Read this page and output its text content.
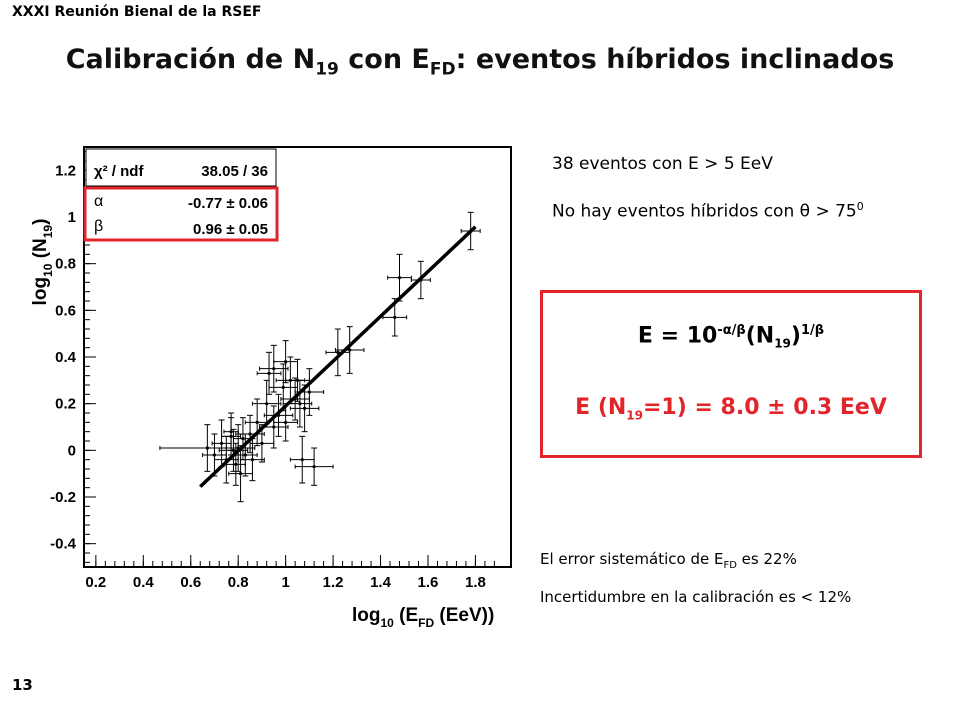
XXXI Reunión Bienal de la RSEF
Calibración de $N_{19}$ con $E_{FD}$: eventos híbridos inclinados
0.2 0.4 0.6 0.8 1 1.2 1.4 1.6 1.8
-0.4
-0.2
0
0.2
0.4
0.6
0.8
1
1.2 χ² / ndf	38.05 / 36
α	-0.77 ± 0.06
β	0.96 ± 0.05
$\log_{10} (E_{FD}$ (EeV))
$\log_{10} (N_{19})$
38 eventos con E > 5 EeV
No hay eventos híbridos con $\theta > 75^0$
$E = 10^{-\alpha/\beta}(N_{19})^{1/\beta}$
E $(N_{19}=1) = 8.0 \pm 0.3$ EeV
El error sistemático de $E_{FD}$ es 22%
Incertidumbre en la calibración es < 12%
13
